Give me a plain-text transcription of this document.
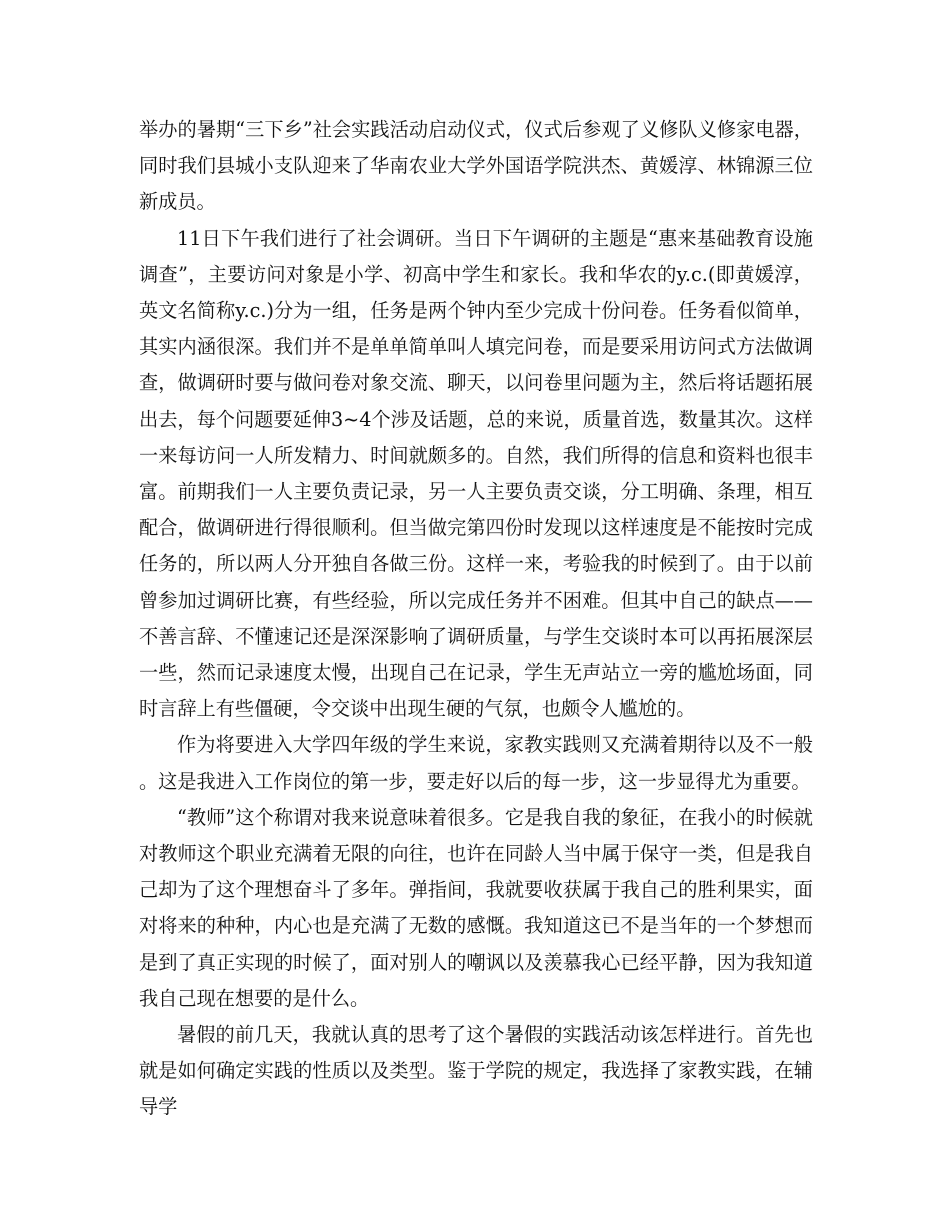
举办的暑期“三下乡”社会实践活动启动仪式，仪式后参观了义修队义修家电器，同时我们县城小支队迎来了华南农业大学外国语学院洪杰、黄媛淳、林锦源三位新成员。

11日下午我们进行了社会调研。当日下午调研的主题是“惠来基础教育设施调查”，主要访问对象是小学、初高中学生和家长。我和华农的y.c.(即黄媛淳，英文名简称y.c.)分为一组，任务是两个钟内至少完成十份问卷。任务看似简单，其实内涵很深。我们并不是单单简单叫人填完问卷，而是要采用访问式方法做调查，做调研时要与做问卷对象交流、聊天，以问卷里问题为主，然后将话题拓展出去，每个问题要延伸3~4个涉及话题，总的来说，质量首选，数量其次。这样一来每访问一人所发精力、时间就颇多的。自然，我们所得的信息和资料也很丰富。前期我们一人主要负责记录，另一人主要负责交谈，分工明确、条理，相互配合，做调研进行得很顺利。但当做完第四份时发现以这样速度是不能按时完成任务的，所以两人分开独自各做三份。这样一来，考验我的时候到了。由于以前曾参加过调研比赛，有些经验，所以完成任务并不困难。但其中自己的缺点——不善言辞、不懂速记还是深深影响了调研质量，与学生交谈时本可以再拓展深层一些，然而记录速度太慢，出现自己在记录，学生无声站立一旁的尴尬场面，同时言辞上有些僵硬，令交谈中出现生硬的气氛，也颇令人尴尬的。

作为将要进入大学四年级的学生来说，家教实践则又充满着期待以及不一般。这是我进入工作岗位的第一步，要走好以后的每一步，这一步显得尤为重要。

“教师”这个称谓对我来说意味着很多。它是我自我的象征，在我小的时候就对教师这个职业充满着无限的向往，也许在同龄人当中属于保守一类，但是我自己却为了这个理想奋斗了多年。弹指间，我就要收获属于我自己的胜利果实，面对将来的种种，内心也是充满了无数的感慨。我知道这已不是当年的一个梦想而是到了真正实现的时候了，面对别人的嘲讽以及羡慕我心已经平静，因为我知道我自己现在想要的是什么。

暑假的前几天，我就认真的思考了这个暑假的实践活动该怎样进行。首先也就是如何确定实践的性质以及类型。鉴于学院的规定，我选择了家教实践，在辅导学
